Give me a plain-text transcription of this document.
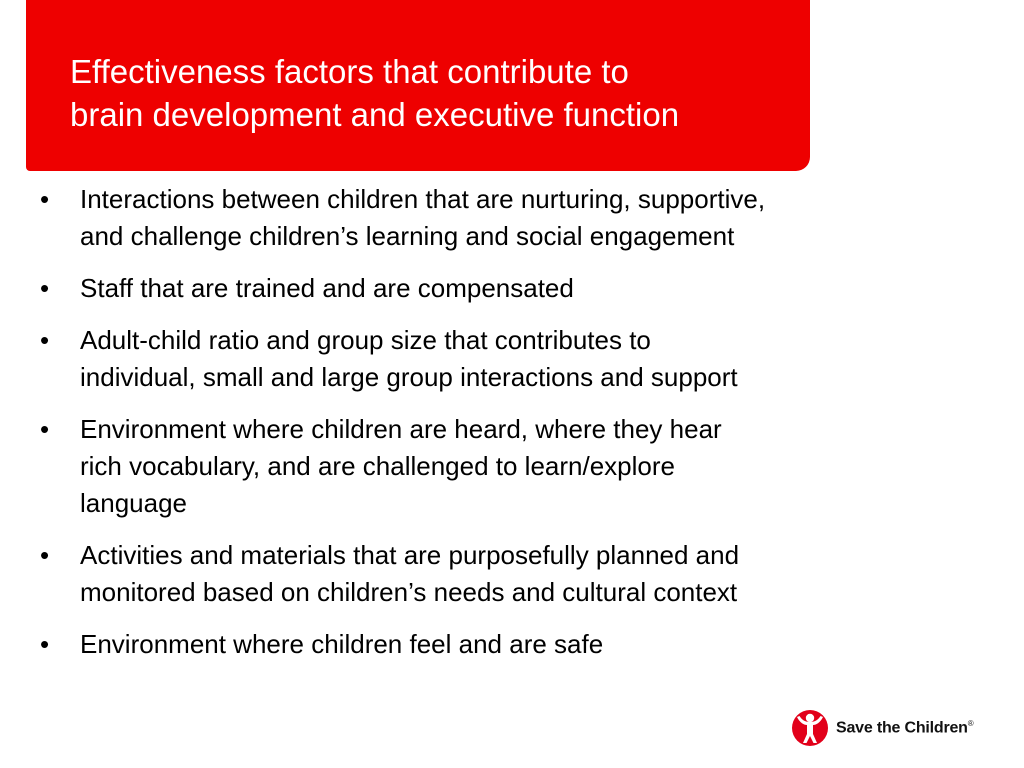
Effectiveness factors that contribute to
brain development and executive function
•	Interactions between children that are nurturing, supportive,
and challenge children’s learning and social engagement
•	Staff that are trained and are compensated
•	Adult-child ratio and group size that contributes to
individual, small and large group interactions and support
•	Environment where children are heard, where they hear
rich vocabulary, and are challenged to learn/explore
language
•	Activities and materials that are purposefully planned and
monitored based on children’s needs and cultural context
•	Environment where children feel and are safe
Save the Children®
